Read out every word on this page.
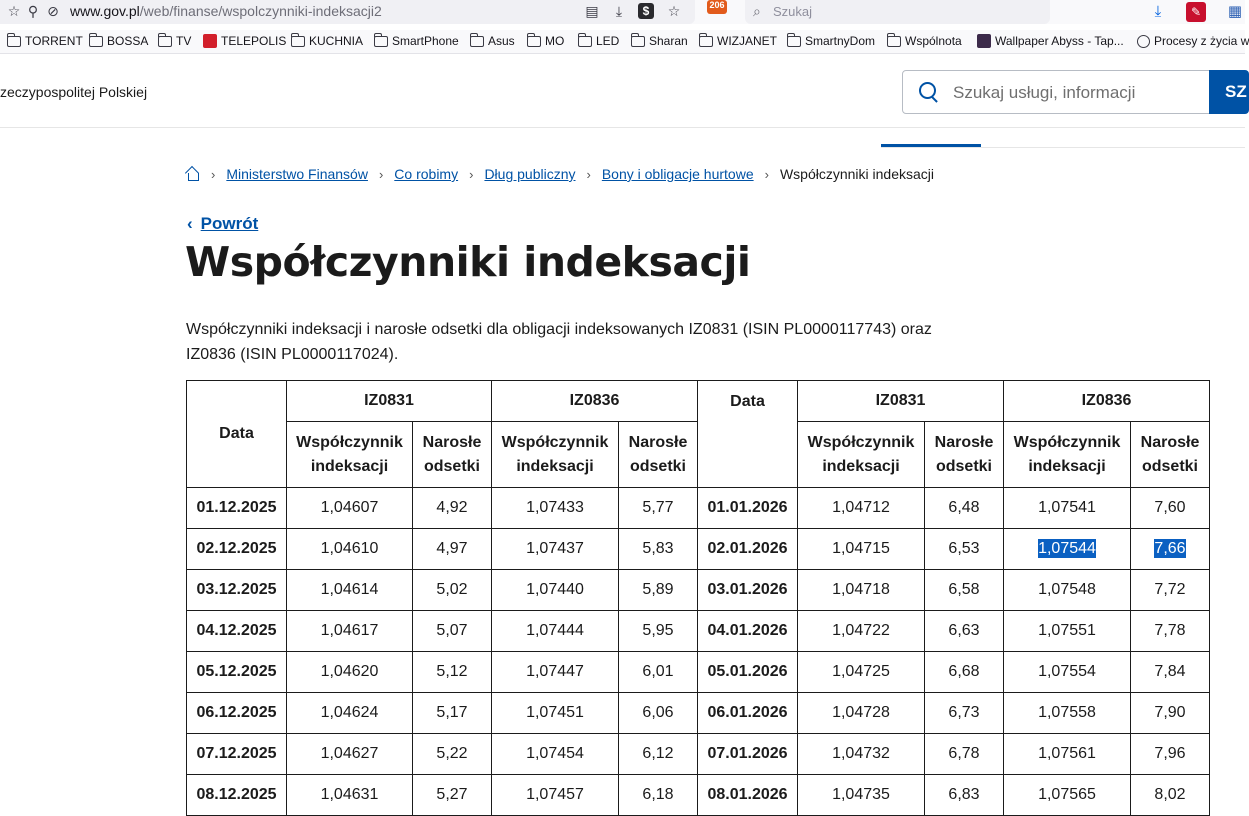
☆ ⚲ ⊘ www.gov.pl/web/finanse/wspolczynniki-indeksacji2	▤	⤓	$	☆	206 ⌕ Szukaj	⤓	✎	▦
TORRENT BOSSA TV TELEPOLIS KUCHNIA SmartPhone Asus	MO	LED Sharan WIZJANET SmartnyDom Wspólnota	Wallpaper Abyss - Tap...	Procesy z życia w
zeczypospolitej Polskiej	Szukaj usługi, informacji	SZ
› Ministerstwo Finansów › Co robimy › Dług publiczny › Bony i obligacje hurtowe › Współczynniki indeksacji
‹ Powrót
Współczynniki indeksacji

Współczynniki indeksacji i narosłe odsetki dla obligacji indeksowanych IZ0831 (ISIN PL0000117743) oraz IZ0836 (ISIN PL0000117024).

Data	IZ0831		IZ0836		Data	IZ0831		IZ0836	
	Współczynnik indeksacji	Narosłe odsetki	Współczynnik indeksacji	Narosłe odsetki		Współczynnik indeksacji	Narosłe odsetki	Współczynnik indeksacji	Narosłe odsetki
01.12.2025	1,04607	4,92	1,07433	5,77	01.01.2026	1,04712	6,48	1,07541	7,60
02.12.2025	1,04610	4,97	1,07437	5,83	02.01.2026	1,04715	6,53	1,07544	7,66
03.12.2025	1,04614	5,02	1,07440	5,89	03.01.2026	1,04718	6,58	1,07548	7,72
04.12.2025	1,04617	5,07	1,07444	5,95	04.01.2026	1,04722	6,63	1,07551	7,78
05.12.2025	1,04620	5,12	1,07447	6,01	05.01.2026	1,04725	6,68	1,07554	7,84
06.12.2025	1,04624	5,17	1,07451	6,06	06.01.2026	1,04728	6,73	1,07558	7,90
07.12.2025	1,04627	5,22	1,07454	6,12	07.01.2026	1,04732	6,78	1,07561	7,96
08.12.2025	1,04631	5,27	1,07457	6,18	08.01.2026	1,04735	6,83	1,07565	8,02
